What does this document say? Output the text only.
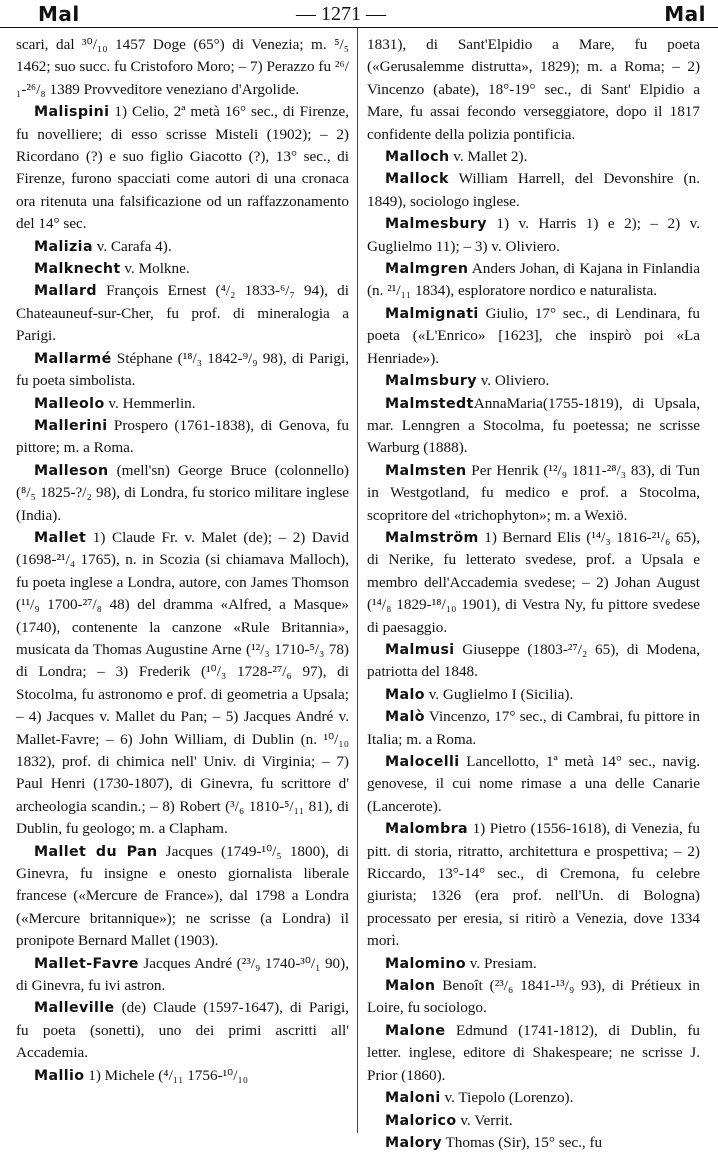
Mal	— 1271 —	Mal

scari, dal ³⁰/₁₀ 1457 Doge (65°) di Venezia; m. ⁵/₅ 1462; suo succ. fu Cristoforo Moro; – 7) Perazzo fu ²⁶/₁-²⁶/₈ 1389 Provveditore veneziano d'Argolide.

Malispini 1) Celio, 2ª metà 16° sec., di Firenze, fu novelliere; di esso scrisse Misteli (1902); – 2) Ricordano (?) e suo figlio Giacotto (?), 13° sec., di Firenze, furono spacciati come autori di una cronaca ora ritenuta una falsificazione od un raffazzonamento del 14° sec.

Malizia v. Carafa 4).

Malknecht v. Molkne.

Mallard François Ernest (⁴/₂ 1833-⁶/₇ 94), di Chateauneuf-sur-Cher, fu prof. di mineralogia a Parigi.

Mallarmé Stéphane (¹⁸/₃ 1842-⁹/₉ 98), di Parigi, fu poeta simbolista.

Malleolo v. Hemmerlin.

Mallerini Prospero (1761-1838), di Genova, fu pittore; m. a Roma.

Malleson (mell'sn) George Bruce (colonnello) (⁸/₅ 1825-?/₂ 98), di Londra, fu storico militare inglese (India).

Mallet 1) Claude Fr. v. Malet (de); – 2) David (1698-²¹/₄ 1765), n. in Scozia (si chiamava Malloch), fu poeta inglese a Londra, autore, con James Thomson (¹¹/₉ 1700-²⁷/₈ 48) del dramma «Alfred, a Masque» (1740), contenente la canzone «Rule Britannia», musicata da Thomas Augustine Arne (¹²/₃ 1710-⁵/₃ 78) di Londra; – 3) Frederik (¹⁰/₃ 1728-²⁷/₆ 97), di Stocolma, fu astronomo e prof. di geometria a Upsala; – 4) Jacques v. Mallet du Pan; – 5) Jacques André v. Mallet-Favre; – 6) John William, di Dublin (n. ¹⁰/₁₀ 1832), prof. di chimica nell' Univ. di Virginia; – 7) Paul Henri (1730-1807), di Ginevra, fu scrittore d' archeologia scandin.; – 8) Robert (³/₆ 1810-⁵/₁₁ 81), di Dublin, fu geologo; m. a Clapham.

Mallet du Pan Jacques (1749-¹⁰/₅ 1800), di Ginevra, fu insigne e onesto giornalista liberale francese («Mercure de France»), dal 1798 a Londra («Mercure britannique»); ne scrisse (a Londra) il pronipote Bernard Mallet (1903).

Mallet-Favre Jacques André (²³/₉ 1740-³⁰/₁ 90), di Ginevra, fu ivi astron.

Malleville (de) Claude (1597-1647), di Parigi, fu poeta (sonetti), uno dei primi ascritti all' Accademia.

Mallio 1) Michele (⁴/₁₁ 1756-¹⁰/₁₀

1831), di Sant'Elpidio a Mare, fu poeta («Gerusalemme distrutta», 1829); m. a Roma; – 2) Vincenzo (abate), 18°-19° sec., di Sant' Elpidio a Mare, fu assai fecondo verseggiatore, dopo il 1817 confidente della polizia pontificia.

Malloch v. Mallet 2).

Mallock William Harrell, del Devonshire (n. 1849), sociologo inglese.

Malmesbury 1) v. Harris 1) e 2); – 2) v. Guglielmo 11); – 3) v. Oliviero.

Malmgren Anders Johan, di Kajana in Finlandia (n. ²¹/₁₁ 1834), esploratore nordico e naturalista.

Malmignati Giulio, 17° sec., di Lendinara, fu poeta («L'Enrico» [1623], che inspirò poi «La Henriade»).

Malmsbury v. Oliviero.

MalmstedtAnnaMaria(1755-1819), di Upsala, mar. Lenngren a Stocolma, fu poetessa; ne scrisse Warburg (1888).

Malmsten Per Henrik (¹²/₉ 1811-²⁸/₃ 83), di Tun in Westgotland, fu medico e prof. a Stocolma, scopritore del «trichophyton»; m. a Wexiö.

Malmström 1) Bernard Elis (¹⁴/₃ 1816-²¹/₆ 65), di Nerike, fu letterato svedese, prof. a Upsala e membro dell'Accademia svedese; – 2) Johan August (¹⁴/₈ 1829-¹⁸/₁₀ 1901), di Vestra Ny, fu pittore svedese di paesaggio.

Malmusi Giuseppe (1803-²⁷/₂ 65), di Modena, patriotta del 1848.

Malo v. Guglielmo I (Sicilia).

Malò Vincenzo, 17° sec., di Cambrai, fu pittore in Italia; m. a Roma.

Malocelli Lancellotto, 1ª metà 14° sec., navig. genovese, il cui nome rimase a una delle Canarie (Lancerote).

Malombra 1) Pietro (1556-1618), di Venezia, fu pitt. di storia, ritratto, architettura e prospettiva; – 2) Riccardo, 13°-14° sec., di Cremona, fu celebre giurista; 1326 (era prof. nell'Un. di Bologna) processato per eresia, si ritirò a Venezia, dove 1334 morì.

Malomino v. Presiam.

Malon Benoît (²³/₆ 1841-¹³/₉ 93), di Prétieux in Loire, fu sociologo.

Malone Edmund (1741-1812), di Dublin, fu letter. inglese, editore di Shakespeare; ne scrisse J. Prior (1860).

Maloni v. Tiepolo (Lorenzo).

Malorico v. Verrit.

Malory Thomas (Sir), 15° sec., fu
